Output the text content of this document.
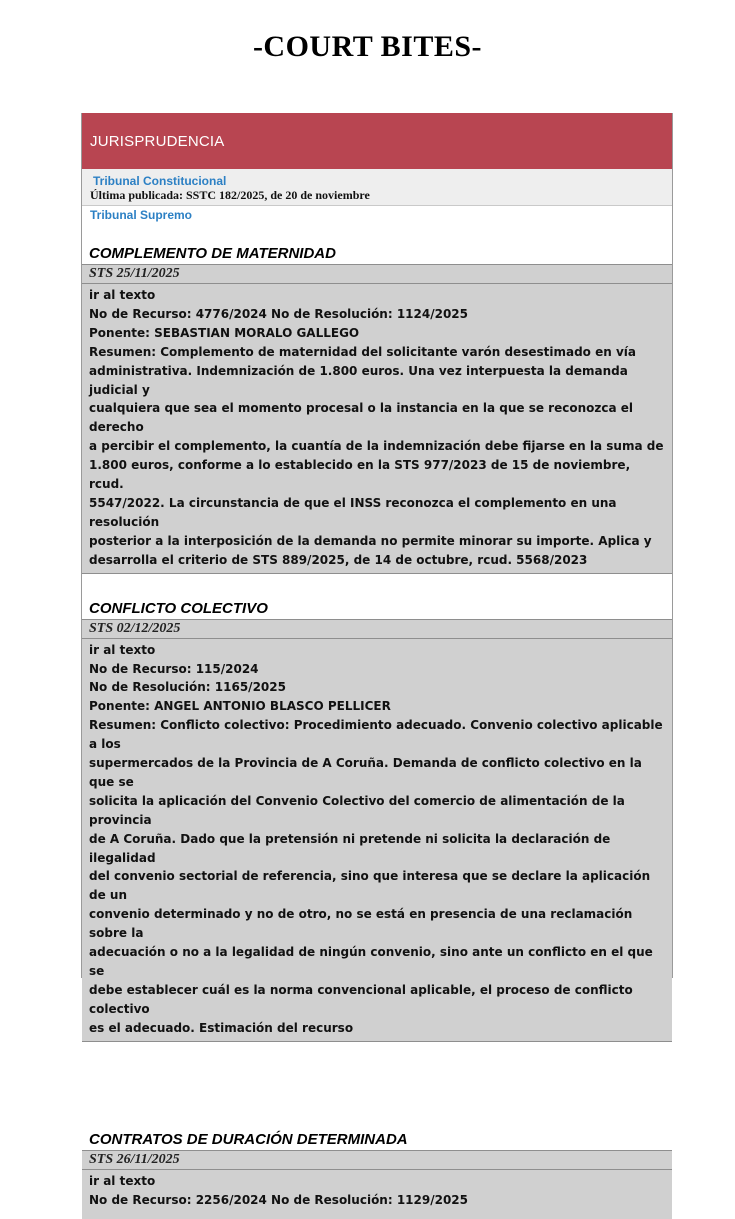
-COURT BITES-
JURISPRUDENCIA
Tribunal Constitucional
Última publicada: SSTC 182/2025, de 20 de noviembre
Tribunal Supremo
COMPLEMENTO DE MATERNIDAD
STS 25/11/2025
ir al texto
No de Recurso: 4776/2024 No de Resolución: 1124/2025
Ponente: SEBASTIAN MORALO GALLEGO
Resumen: Complemento de maternidad del solicitante varón desestimado en vía
administrativa. Indemnización de 1.800 euros. Una vez interpuesta la demanda judicial y
cualquiera que sea el momento procesal o la instancia en la que se reconozca el derecho
a percibir el complemento, la cuantía de la indemnización debe fijarse en la suma de
1.800 euros, conforme a lo establecido en la STS 977/2023 de 15 de noviembre, rcud.
5547/2022. La circunstancia de que el INSS reconozca el complemento en una resolución
posterior a la interposición de la demanda no permite minorar su importe. Aplica y
desarrolla el criterio de STS 889/2025, de 14 de octubre, rcud. 5568/2023
CONFLICTO COLECTIVO
STS 02/12/2025
ir al texto
No de Recurso: 115/2024
No de Resolución: 1165/2025
Ponente: ANGEL ANTONIO BLASCO PELLICER
Resumen: Conflicto colectivo: Procedimiento adecuado. Convenio colectivo aplicable a los
supermercados de la Provincia de A Coruña. Demanda de conflicto colectivo en la que se
solicita la aplicación del Convenio Colectivo del comercio de alimentación de la provincia
de A Coruña. Dado que la pretensión ni pretende ni solicita la declaración de ilegalidad
del convenio sectorial de referencia, sino que interesa que se declare la aplicación de un
convenio determinado y no de otro, no se está en presencia de una reclamación sobre la
adecuación o no a la legalidad de ningún convenio, sino ante un conflicto en el que se
debe establecer cuál es la norma convencional aplicable, el proceso de conflicto colectivo
es el adecuado. Estimación del recurso
CONTRATOS DE DURACIÓN DETERMINADA
STS 26/11/2025
ir al texto
No de Recurso: 2256/2024 No de Resolución: 1129/2025
